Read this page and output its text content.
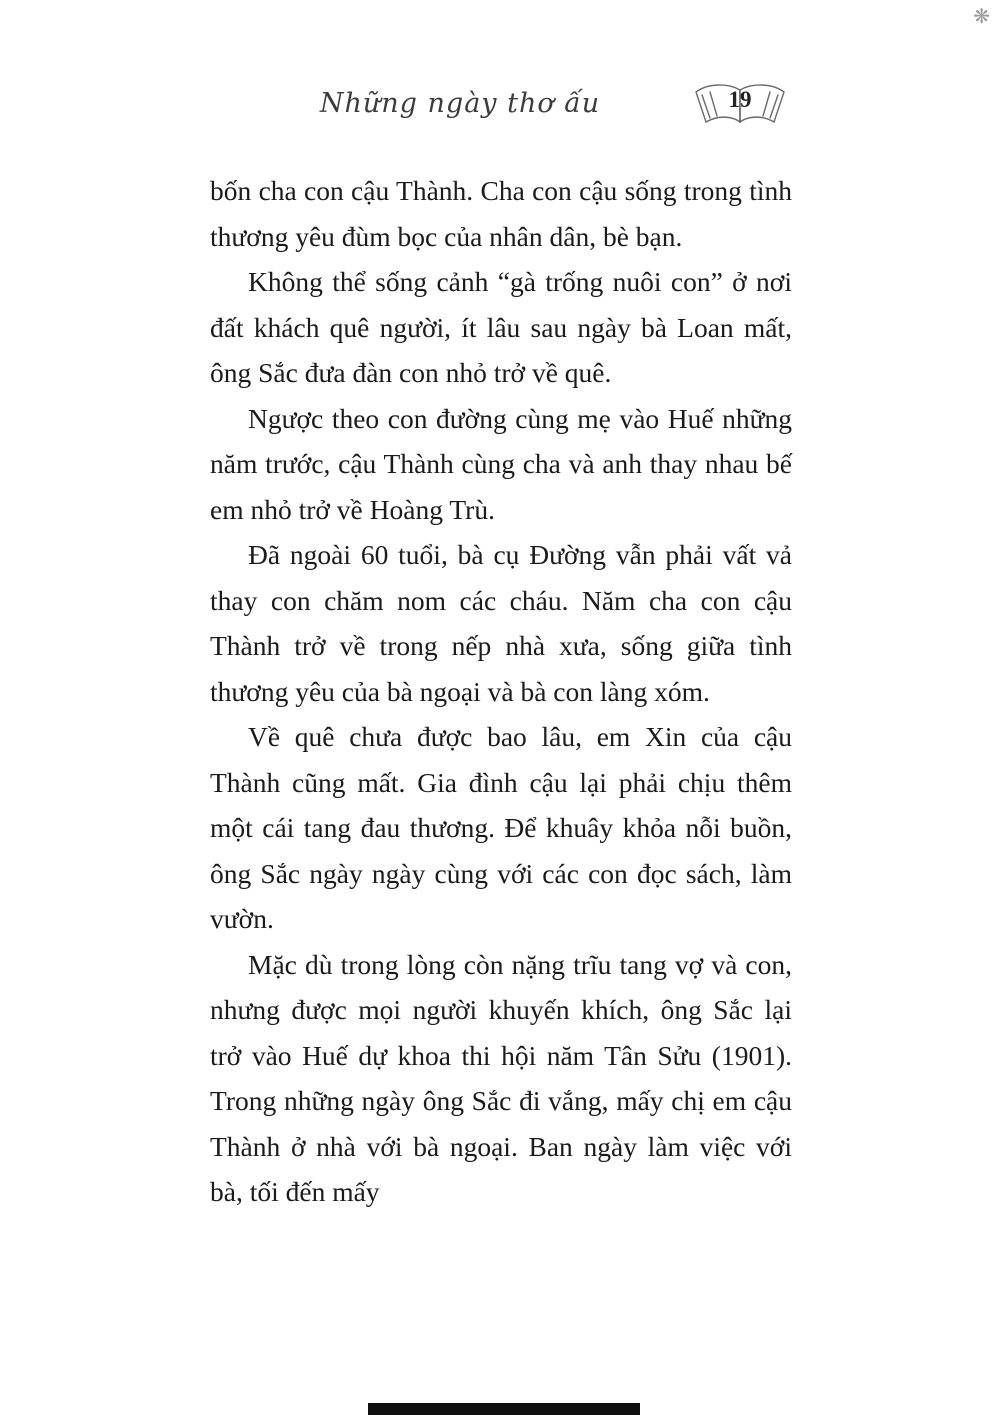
❋
Những ngày thơ ấu	19

bốn cha con cậu Thành. Cha con cậu sống trong tình thương yêu đùm bọc của nhân dân, bè bạn.

Không thể sống cảnh “gà trống nuôi con” ở nơi đất khách quê người, ít lâu sau ngày bà Loan mất, ông Sắc đưa đàn con nhỏ trở về quê.

Ngược theo con đường cùng mẹ vào Huế những năm trước, cậu Thành cùng cha và anh thay nhau bế em nhỏ trở về Hoàng Trù.

Đã ngoài 60 tuổi, bà cụ Đường vẫn phải vất vả thay con chăm nom các cháu. Năm cha con cậu Thành trở về trong nếp nhà xưa, sống giữa tình thương yêu của bà ngoại và bà con làng xóm.

Về quê chưa được bao lâu, em Xin của cậu Thành cũng mất. Gia đình cậu lại phải chịu thêm một cái tang đau thương. Để khuây khỏa nỗi buồn, ông Sắc ngày ngày cùng với các con đọc sách, làm vườn.

Mặc dù trong lòng còn nặng trĩu tang vợ và con, nhưng được mọi người khuyến khích, ông Sắc lại trở vào Huế dự khoa thi hội năm Tân Sửu (1901). Trong những ngày ông Sắc đi vắng, mấy chị em cậu Thành ở nhà với bà ngoại. Ban ngày làm việc với bà, tối đến mấy
